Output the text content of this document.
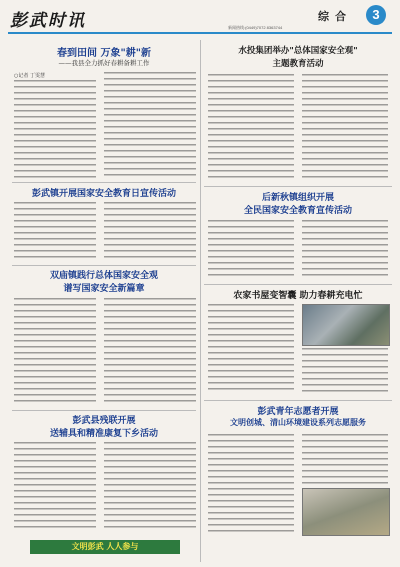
彭武时讯	综合	3
新闻热线:(0449)7072 8363744
春到田间 万象"耕"新
——我县全力抓好春耕备耕工作
○记者 丁雯慧
彭武镇开展国家安全教育日宣传活动
双庙镇践行总体国家安全观
谱写国家安全新篇章
彭武县残联开展
送辅具和精准康复下乡活动
文明彭武 人人参与
水投集团举办"总体国家安全观"
主题教育活动
后新秋镇组织开展
全民国家安全教育宣传活动
农家书屋变智囊 助力春耕充电忙
彭武青年志愿者开展
文明创城、清山环境建设系列志愿服务
